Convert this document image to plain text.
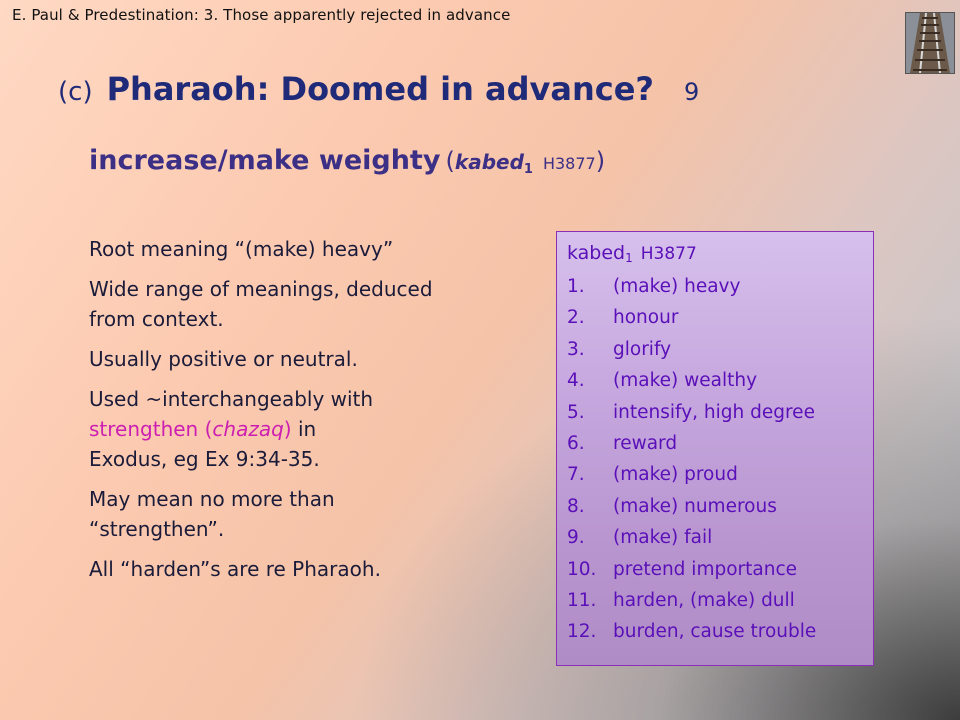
E. Paul & Predestination: 3. Those apparently rejected in advance
(c) Pharaoh: Doomed in advance? 9
increase/make weighty (kabed$_1$ H3877)

Root meaning “(make) heavy”

Wide range of meanings, deduced from context.

Usually positive or neutral.

Used ~interchangeably with
strengthen (chazaq) in
Exodus, eg Ex 9:34-35.

May mean no more than “strengthen”.

All “harden”s are re Pharaoh.

kabed$_1$ H3877
1. (make) heavy
2. honour
3. glorify
4. (make) wealthy
5. intensify, high degree
6. reward
7. (make) proud
8. (make) numerous
9. (make) fail
10. pretend importance
11. harden, (make) dull
12. burden, cause trouble
